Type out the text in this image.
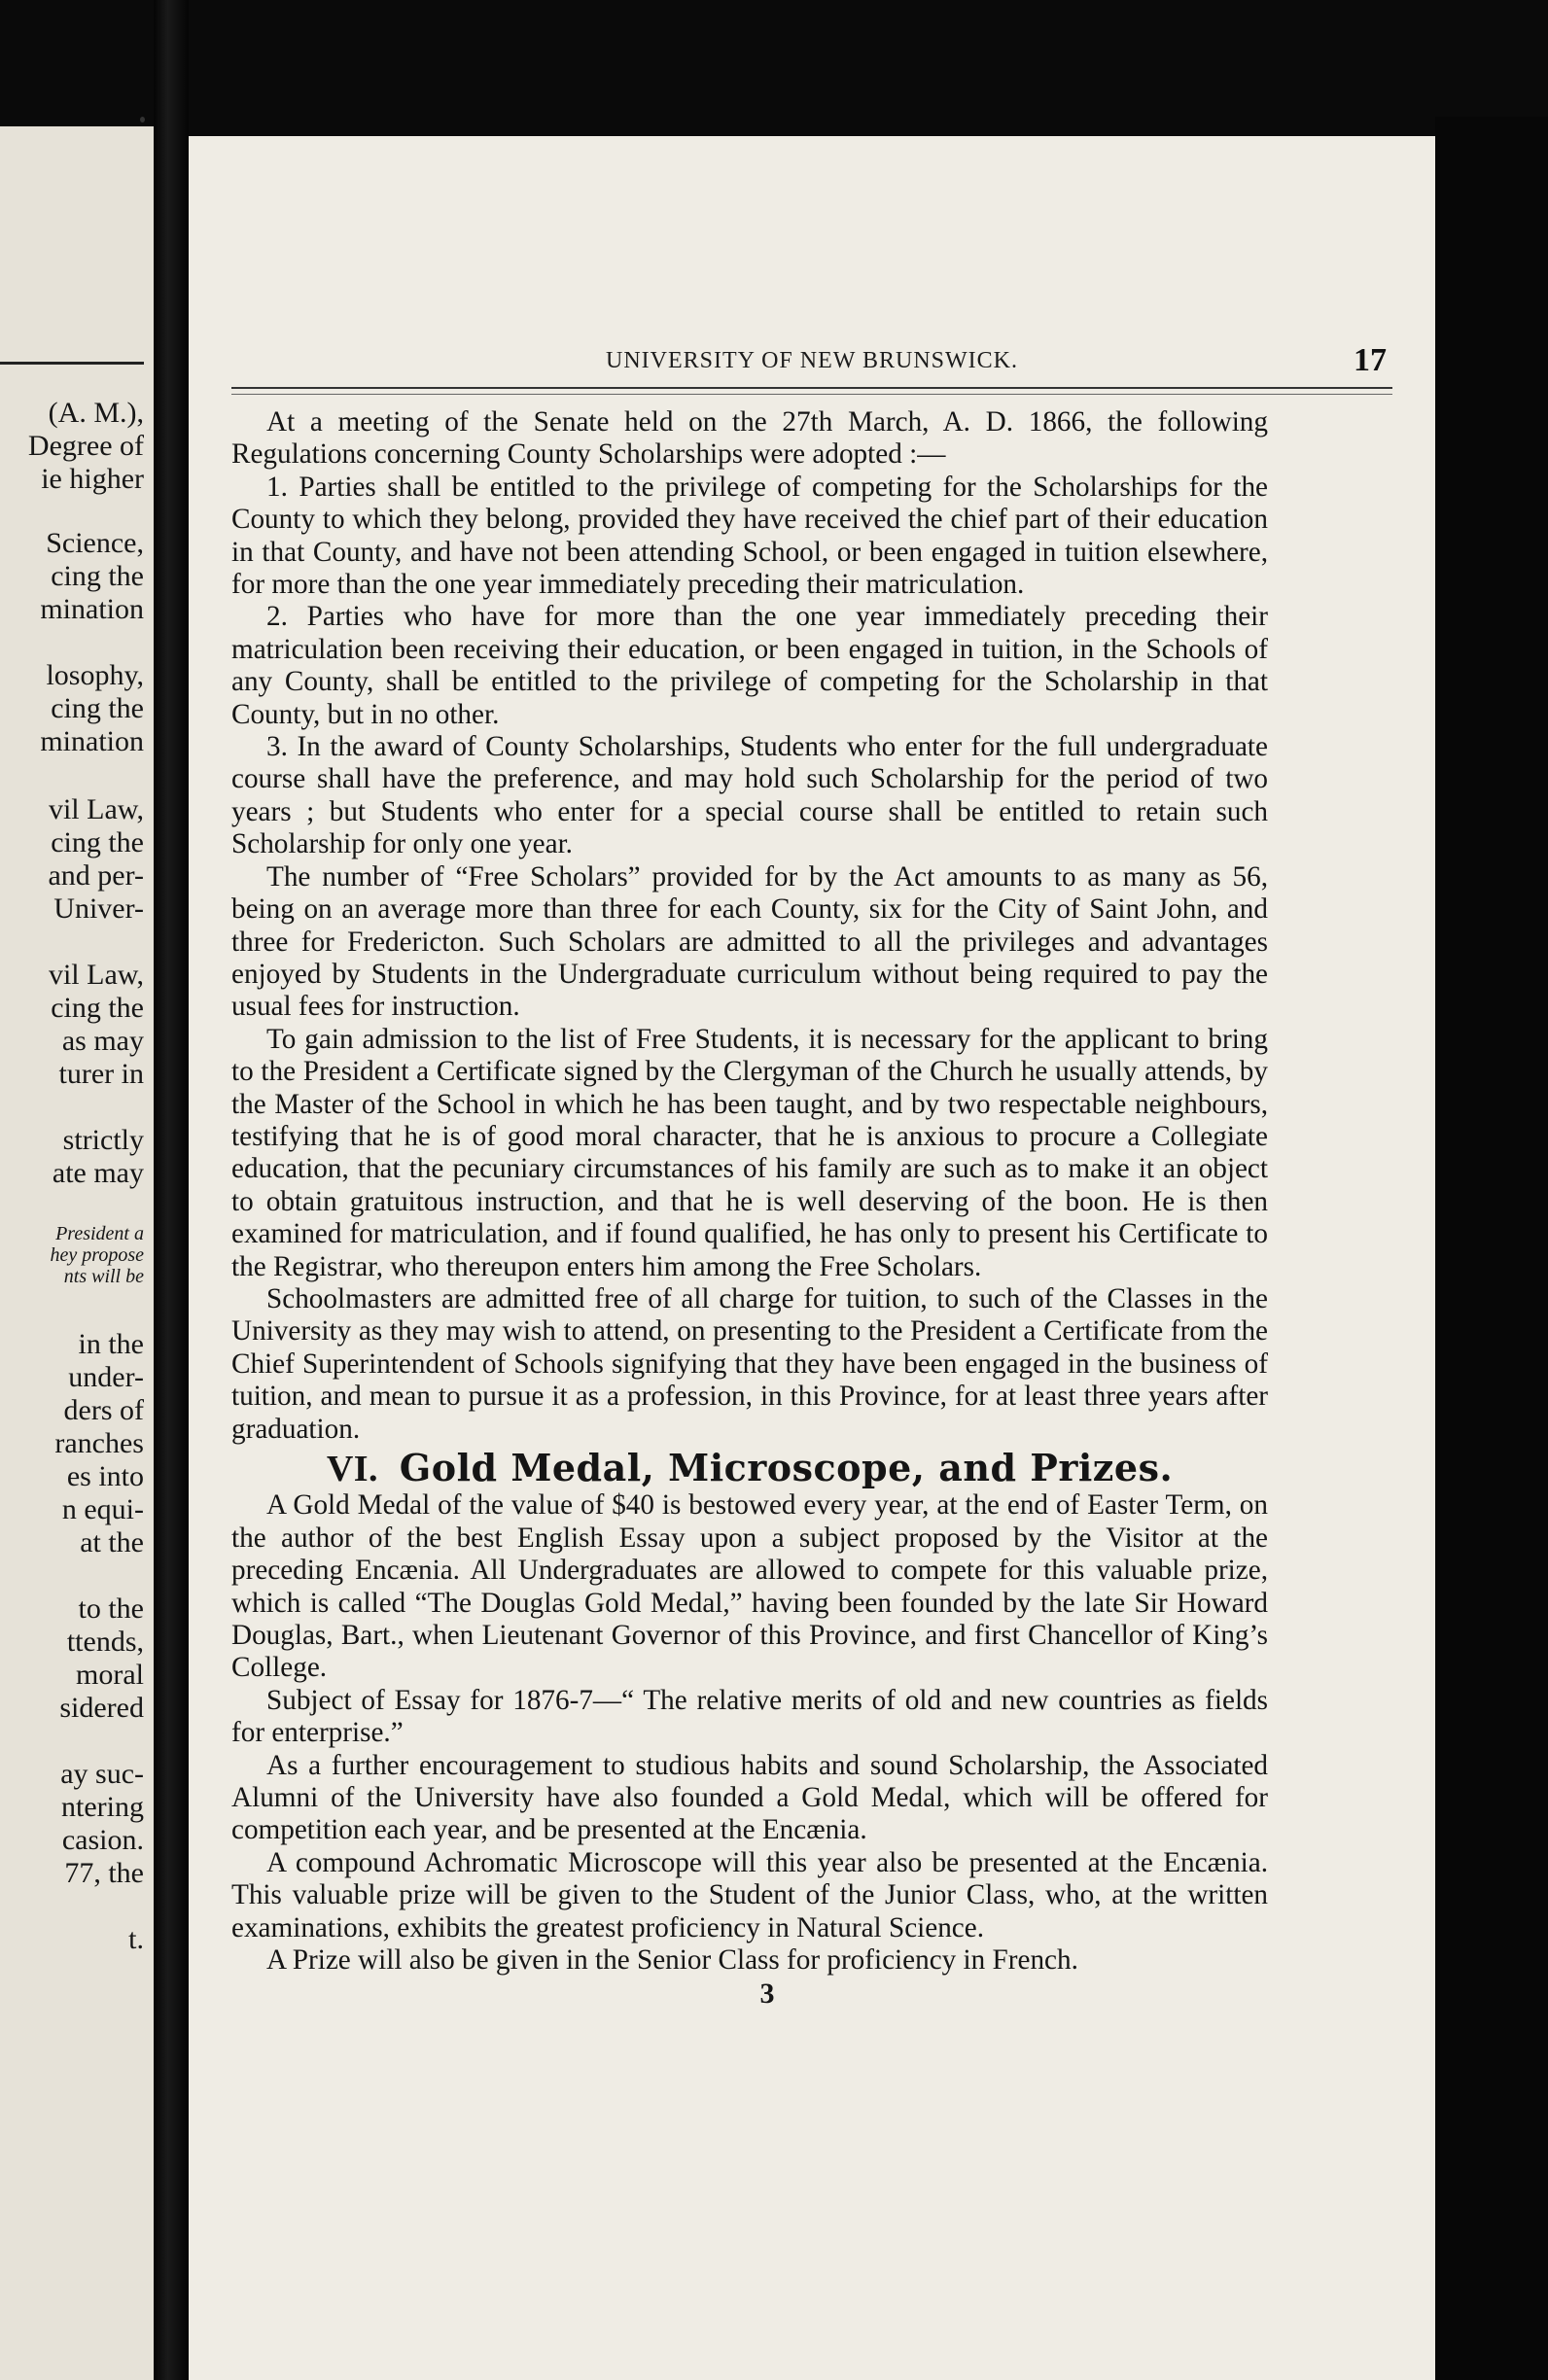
(A. M.),
Degree of
ie higher
Science,
cing the
mination
losophy,
cing the
mination
vil Law,
cing the
and per-
Univer-
vil Law,
cing the
as may
turer in
strictly
ate may
President a
hey propose
nts will be
in the
under-
ders of
ranches
es into
n equi-
at the
to the
ttends,
moral
sidered
ay suc-
ntering
casion.
77, the
t.
UNIVERSITY OF NEW BRUNSWICK.	17

At a meeting of the Senate held on the 27th March, A. D. 1866, the following Regulations concerning County Scholarships were adopted :—

1. Parties shall be entitled to the privilege of competing for the Scholarships for the County to which they belong, provided they have received the chief part of their education in that County, and have not been attending School, or been engaged in tuition elsewhere, for more than the one year immediately preceding their matriculation.

2. Parties who have for more than the one year immediately preceding their matriculation been receiving their education, or been engaged in tuition, in the Schools of any County, shall be entitled to the privilege of competing for the Scholarship in that County, but in no other.

3. In the award of County Scholarships, Students who enter for the full undergraduate course shall have the preference, and may hold such Scholarship for the period of two years ; but Students who enter for a special course shall be entitled to retain such Scholarship for only one year.

The number of “Free Scholars” provided for by the Act amounts to as many as 56, being on an average more than three for each County, six for the City of Saint John, and three for Fredericton. Such Scholars are admitted to all the privileges and advantages enjoyed by Students in the Undergraduate curriculum without being required to pay the usual fees for instruction.

To gain admission to the list of Free Students, it is necessary for the applicant to bring to the President a Certificate signed by the Clergyman of the Church he usually attends, by the Master of the School in which he has been taught, and by two respectable neighbours, testifying that he is of good moral character, that he is anxious to procure a Collegiate education, that the pecuniary circumstances of his family are such as to make it an object to obtain gratuitous instruction, and that he is well deserving of the boon. He is then examined for matriculation, and if found qualified, he has only to present his Certificate to the Registrar, who thereupon enters him among the Free Scholars.

Schoolmasters are admitted free of all charge for tuition, to such of the Classes in the University as they may wish to attend, on presenting to the President a Certificate from the Chief Superintendent of Schools signifying that they have been engaged in the business of tuition, and mean to pursue it as a profession, in this Province, for at least three years after graduation.

VI. Gold Medal, Microscope, and Prizes.

A Gold Medal of the value of $40 is bestowed every year, at the end of Easter Term, on the author of the best English Essay upon a subject proposed by the Visitor at the preceding Encænia. All Undergraduates are allowed to compete for this valuable prize, which is called “The Douglas Gold Medal,” having been founded by the late Sir Howard Douglas, Bart., when Lieutenant Governor of this Province, and first Chancellor of King’s College.

Subject of Essay for 1876-7—“ The relative merits of old and new countries as fields for enterprise.”

As a further encouragement to studious habits and sound Scholarship, the Associated Alumni of the University have also founded a Gold Medal, which will be offered for competition each year, and be presented at the Encænia.

A compound Achromatic Microscope will this year also be presented at the Encænia. This valuable prize will be given to the Student of the Junior Class, who, at the written examinations, exhibits the greatest proficiency in Natural Science.

A Prize will also be given in the Senior Class for proficiency in French.

3
